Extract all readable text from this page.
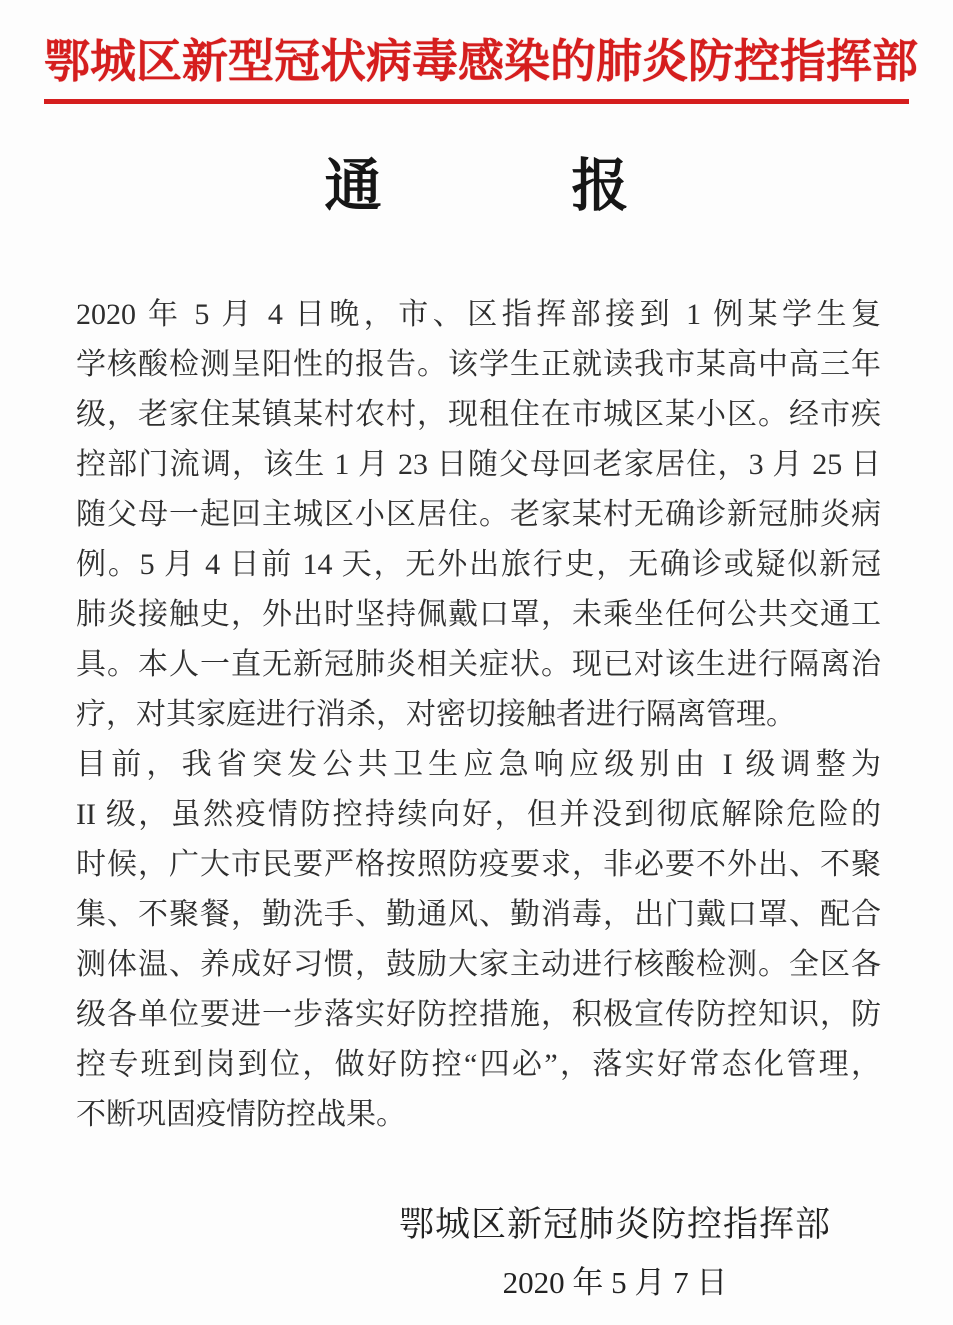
鄂城区新型冠状病毒感染的肺炎防控指挥部
通	报
2020 年 5 月 4 日晚，市、区指挥部接到 1 例某学生复
学核酸检测呈阳性的报告。该学生正就读我市某高中高三年
级，老家住某镇某村农村，现租住在市城区某小区。经市疾
控部门流调，该生 1 月 23 日随父母回老家居住，3 月 25 日
随父母一起回主城区小区居住。老家某村无确诊新冠肺炎病
例。5 月 4 日前 14 天，无外出旅行史，无确诊或疑似新冠
肺炎接触史，外出时坚持佩戴口罩，未乘坐任何公共交通工
具。本人一直无新冠肺炎相关症状。现已对该生进行隔离治
疗，对其家庭进行消杀，对密切接触者进行隔离管理。
目前，我省突发公共卫生应急响应级别由 I 级调整为
II 级，虽然疫情防控持续向好，但并没到彻底解除危险的
时候，广大市民要严格按照防疫要求，非必要不外出、不聚
集、不聚餐，勤洗手、勤通风、勤消毒，出门戴口罩、配合
测体温、养成好习惯，鼓励大家主动进行核酸检测。全区各
级各单位要进一步落实好防控措施，积极宣传防控知识，防
控专班到岗到位，做好防控“四必”，落实好常态化管理，
不断巩固疫情防控战果。
鄂城区新冠肺炎防控指挥部
2020 年 5 月 7 日
